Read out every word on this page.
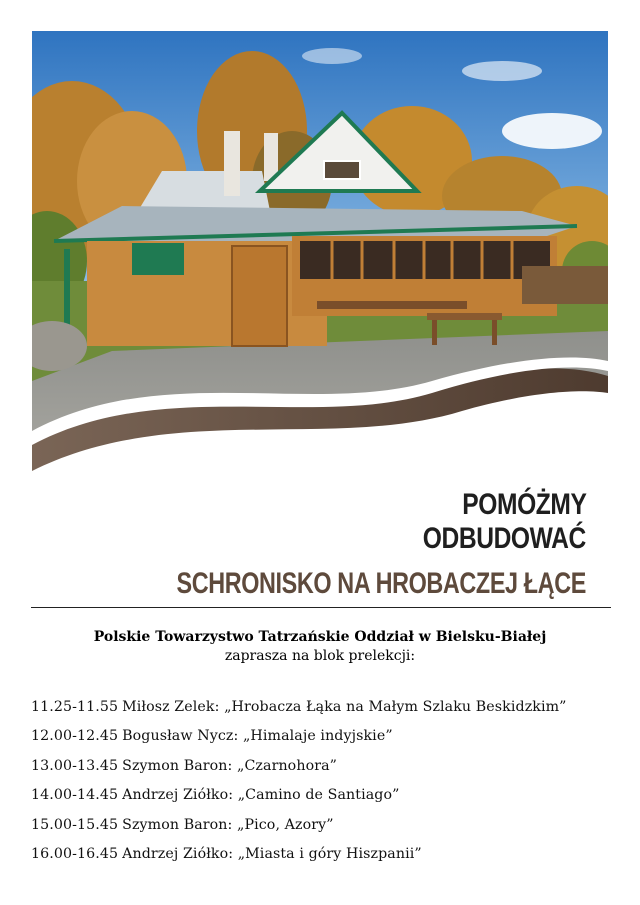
POMÓŻMY
ODBUDOWAĆ
SCHRONISKO NA HROBACZEJ ŁĄCE
Polskie Towarzystwo Tatrzańskie Oddział w Bielsku-Białej
zaprasza na blok prelekcji:
11.25-11.55 Miłosz Zelek: „Hrobacza Łąka na Małym Szlaku Beskidzkim”
12.00-12.45 Bogusław Nycz: „Himalaje indyjskie”
13.00-13.45 Szymon Baron: „Czarnohora”
14.00-14.45 Andrzej Ziółko: „Camino de Santiago”
15.00-15.45 Szymon Baron: „Pico, Azory”
16.00-16.45 Andrzej Ziółko: „Miasta i góry Hiszpanii”
